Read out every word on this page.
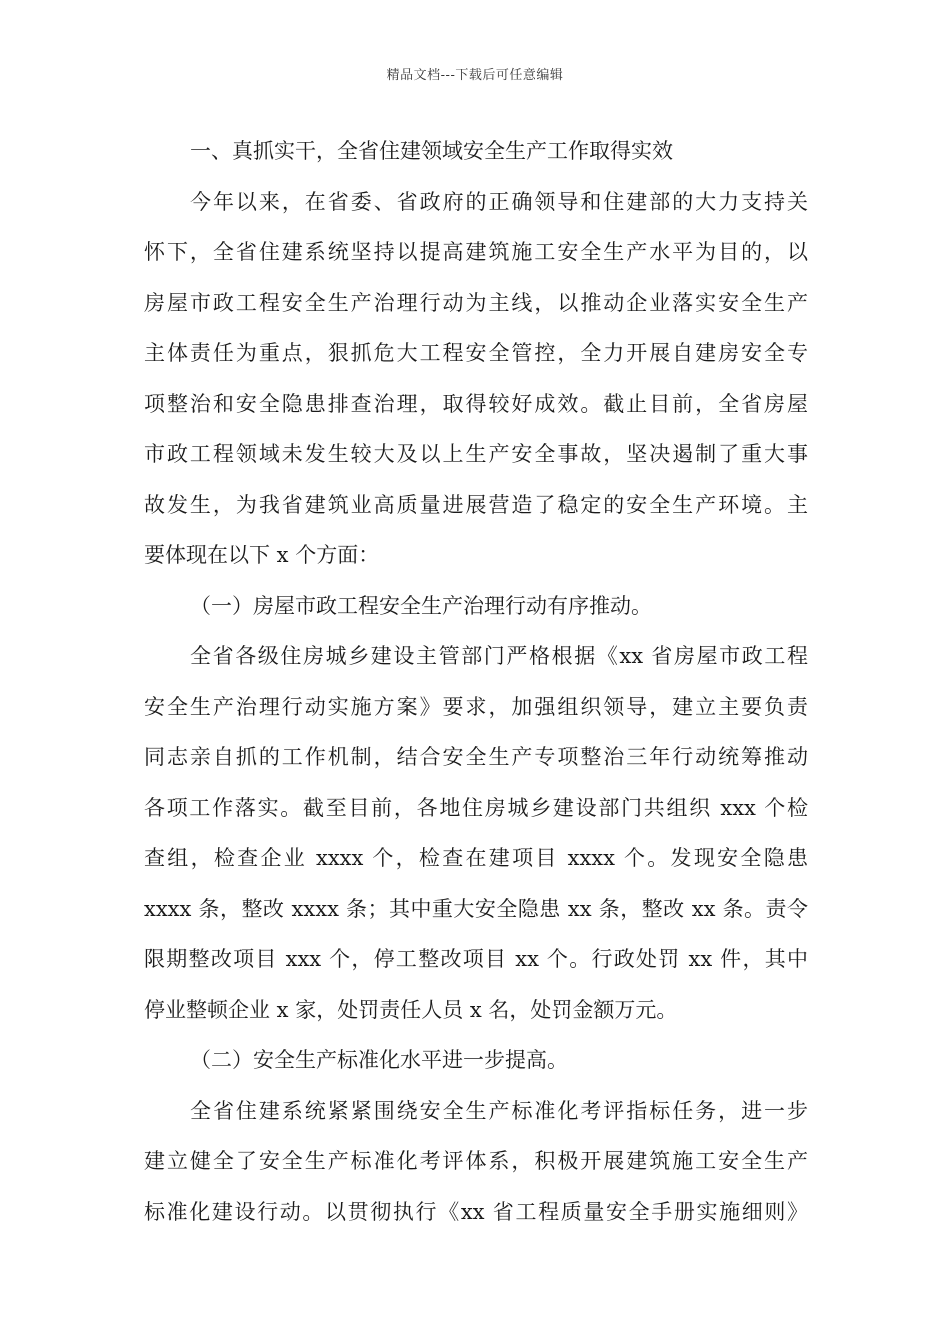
精品文档---下载后可任意编辑
一、真抓实干，全省住建领域安全生产工作取得实效
今年以来，在省委、省政府的正确领导和住建部的大力支持关
怀下，全省住建系统坚持以提高建筑施工安全生产水平为目的，以
房屋市政工程安全生产治理行动为主线，以推动企业落实安全生产
主体责任为重点，狠抓危大工程安全管控，全力开展自建房安全专
项整治和安全隐患排查治理，取得较好成效。截止目前，全省房屋
市政工程领域未发生较大及以上生产安全事故，坚决遏制了重大事
故发生，为我省建筑业高质量进展营造了稳定的安全生产环境。主
要体现在以下 x 个方面：
（一）房屋市政工程安全生产治理行动有序推动。
全省各级住房城乡建设主管部门严格根据《xx 省房屋市政工程
安全生产治理行动实施方案》要求，加强组织领导，建立主要负责
同志亲自抓的工作机制，结合安全生产专项整治三年行动统筹推动
各项工作落实。截至目前，各地住房城乡建设部门共组织 xxx 个检
查组，检查企业 xxxx 个，检查在建项目 xxxx 个。发现安全隐患
xxxx 条，整改 xxxx 条；其中重大安全隐患 xx 条，整改 xx 条。责令
限期整改项目 xxx 个，停工整改项目 xx 个。行政处罚 xx 件，其中
停业整顿企业 x 家，处罚责任人员 x 名，处罚金额万元。
（二）安全生产标准化水平进一步提高。
全省住建系统紧紧围绕安全生产标准化考评指标任务，进一步
建立健全了安全生产标准化考评体系，积极开展建筑施工安全生产
标准化建设行动。以贯彻执行《xx 省工程质量安全手册实施细则》
